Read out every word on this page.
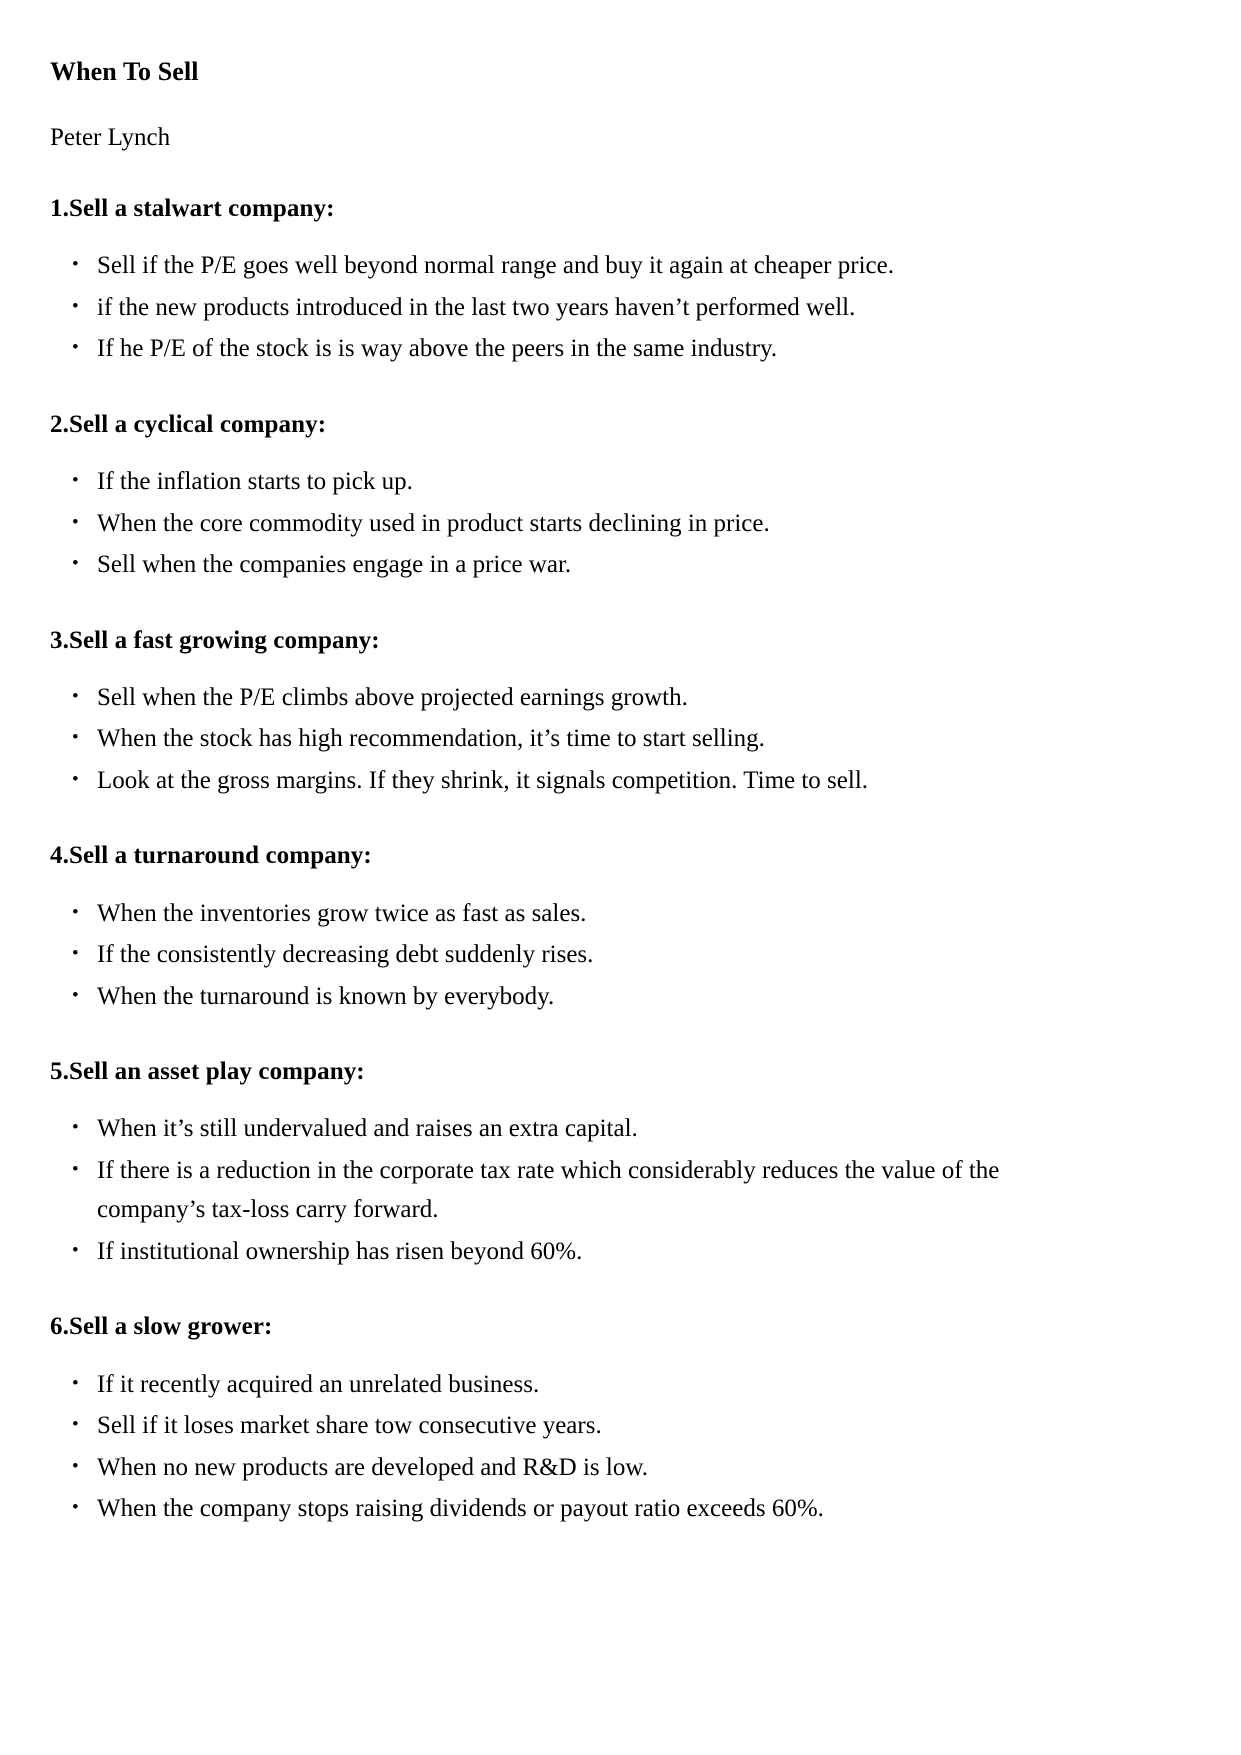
When To Sell

Peter Lynch

1.Sell a stalwart company:
• Sell if the P/E goes well beyond normal range and buy it again at cheaper price.
• if the new products introduced in the last two years haven’t performed well.
• If he P/E of the stock is is way above the peers in the same industry.
2.Sell a cyclical company:
• If the inflation starts to pick up.
• When the core commodity used in product starts declining in price.
• Sell when the companies engage in a price war.
3.Sell a fast growing company:
• Sell when the P/E climbs above projected earnings growth.
• When the stock has high recommendation, it’s time to start selling.
• Look at the gross margins. If they shrink, it signals competition. Time to sell.
4.Sell a turnaround company:
• When the inventories grow twice as fast as sales.
• If the consistently decreasing debt suddenly rises.
• When the turnaround is known by everybody.
5.Sell an asset play company:
• When it’s still undervalued and raises an extra capital.
• If there is a reduction in the corporate tax rate which considerably reduces the value of the company’s tax-loss carry forward.
• If institutional ownership has risen beyond 60%.
6.Sell a slow grower:
• If it recently acquired an unrelated business.
• Sell if it loses market share tow consecutive years.
• When no new products are developed and R&D is low.
• When the company stops raising dividends or payout ratio exceeds 60%.
